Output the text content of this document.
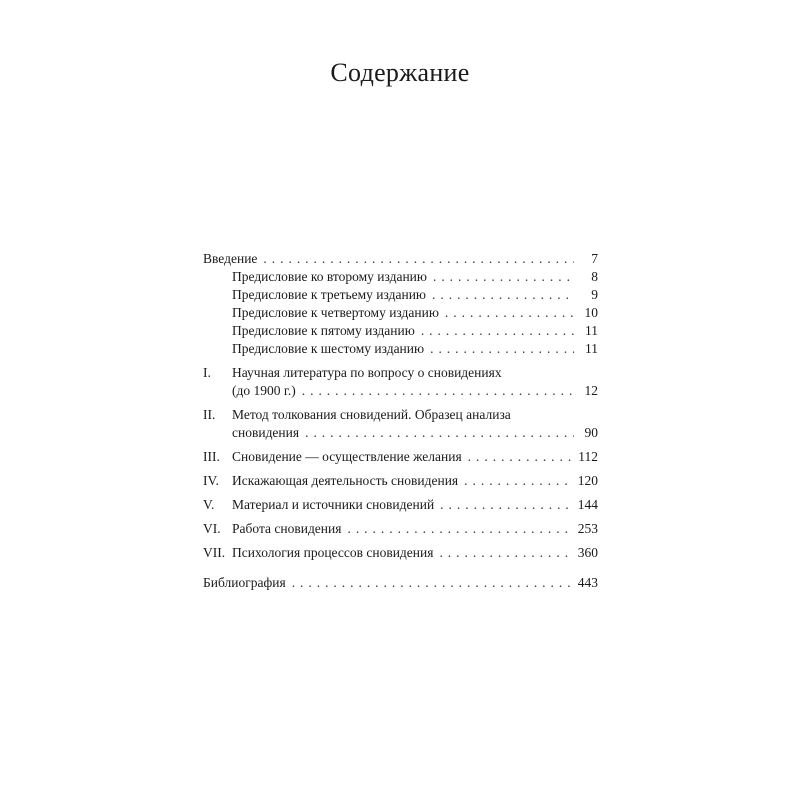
Содержание
Введение . . .	7
Предисловие ко второму изданию . . .	8
Предисловие к третьему изданию . . .	9
Предисловие к четвертому изданию . . .	10
Предисловие к пятому изданию . . .	11
Предисловие к шестому изданию . . .	11
I. Научная литература по вопросу о сновидениях
(до 1900 г.) . . .	12
II. Метод толкования сновидений. Образец анализа
сновидения . . .	90
III. Сновидение — осуществление желания . . .	112
IV. Искажающая деятельность сновидения . . .	120
V. Материал и источники сновидений . . .	144
VI. Работа сновидения . . .	253
VII. Психология процессов сновидения . . .	360
Библиография . . .	443
